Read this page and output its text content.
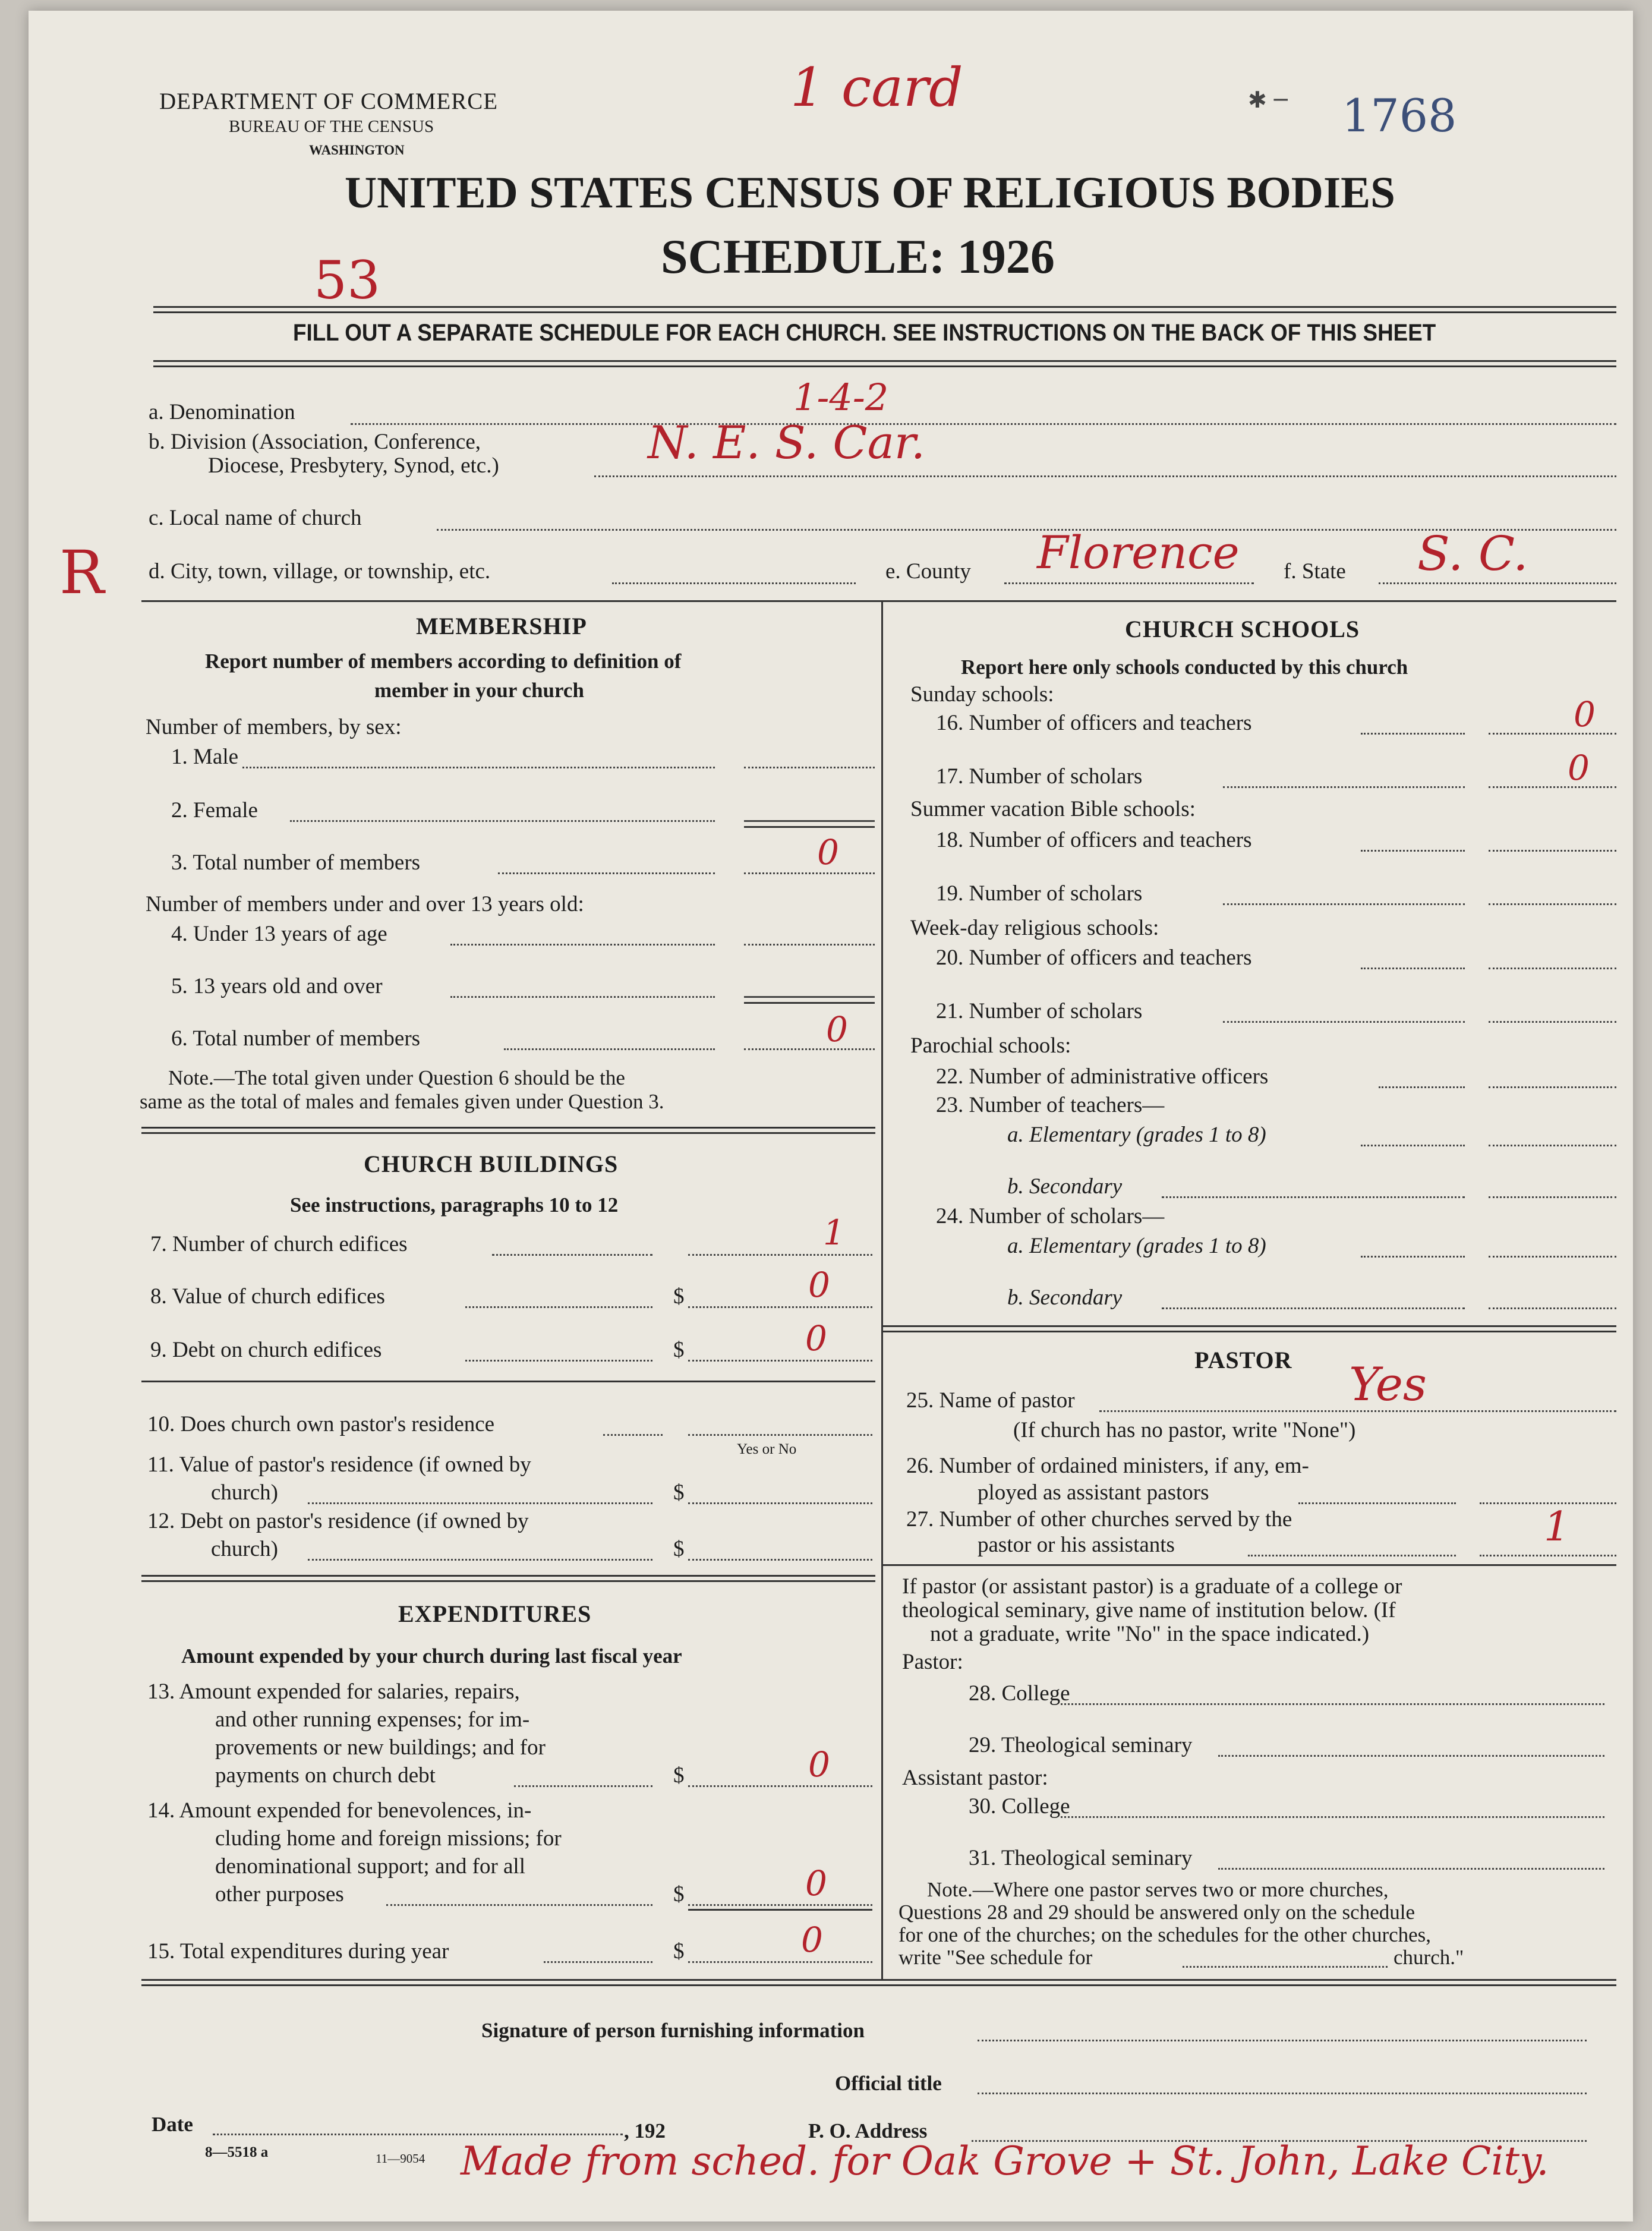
DEPARTMENT OF COMMERCE
BUREAU OF THE CENSUS
WASHINGTON
1 card	✱ ─ 1768
UNITED STATES CENSUS OF RELIGIOUS BODIES
SCHEDULE: 1926
53
FILL OUT A SEPARATE SCHEDULE FOR EACH CHURCH. SEE INSTRUCTIONS ON THE BACK OF THIS SHEET
a. Denomination	1-4-2
b. Division (Association, Conference,
Diocese, Presbytery, Synod, etc.)	N. E. S. Car.
c. Local name of church
R d. City, town, village, or township, etc.	e. County Florence f. State S. C.
MEMBERSHIP
Report number of members according to definition of
member in your church
Number of members, by sex:
1. Male
2. Female
3. Total number of members	0
Number of members under and over 13 years old:
4. Under 13 years of age
5. 13 years old and over
6. Total number of members	0
Note.—The total given under Question 6 should be the
same as the total of males and females given under Question 3.
CHURCH BUILDINGS
See instructions, paragraphs 10 to 12
7. Number of church edifices	1
8. Value of church edifices	$	0
9. Debt on church edifices	$	0
10. Does church own pastor's residence
Yes or No
11. Value of pastor's residence (if owned by
church)	$
12. Debt on pastor's residence (if owned by
church)	$
EXPENDITURES
Amount expended by your church during last fiscal year
13. Amount expended for salaries, repairs,
and other running expenses; for im-
provements or new buildings; and for
payments on church debt	$	0
14. Amount expended for benevolences, in-
cluding home and foreign missions; for
denominational support; and for all
other purposes	$	0
15. Total expenditures during year	$	0
CHURCH SCHOOLS
Report here only schools conducted by this church
Sunday schools:
16. Number of officers and teachers	0
17. Number of scholars	0
Summer vacation Bible schools:
18. Number of officers and teachers
19. Number of scholars
Week-day religious schools:
20. Number of officers and teachers
21. Number of scholars
Parochial schools:
22. Number of administrative officers
23. Number of teachers—
a. Elementary (grades 1 to 8)
b. Secondary
24. Number of scholars—
a. Elementary (grades 1 to 8)
b. Secondary
PASTOR
25. Name of pastor	Yes
(If church has no pastor, write "None")
26. Number of ordained ministers, if any, em-
ployed as assistant pastors
27. Number of other churches served by the
pastor or his assistants	1
If pastor (or assistant pastor) is a graduate of a college or
theological seminary, give name of institution below. (If
not a graduate, write "No" in the space indicated.)
Pastor:
28. College
29. Theological seminary
Assistant pastor:
30. College
31. Theological seminary
Note.—Where one pastor serves two or more churches,
Questions 28 and 29 should be answered only on the schedule
for one of the churches; on the schedules for the other churches,
write "See schedule for	church."
Signature of person furnishing information
Official title
Date	, 192	P. O. Address
8—5518 a	11—9054 Made from sched. for Oak Grove + St. John, Lake City.
